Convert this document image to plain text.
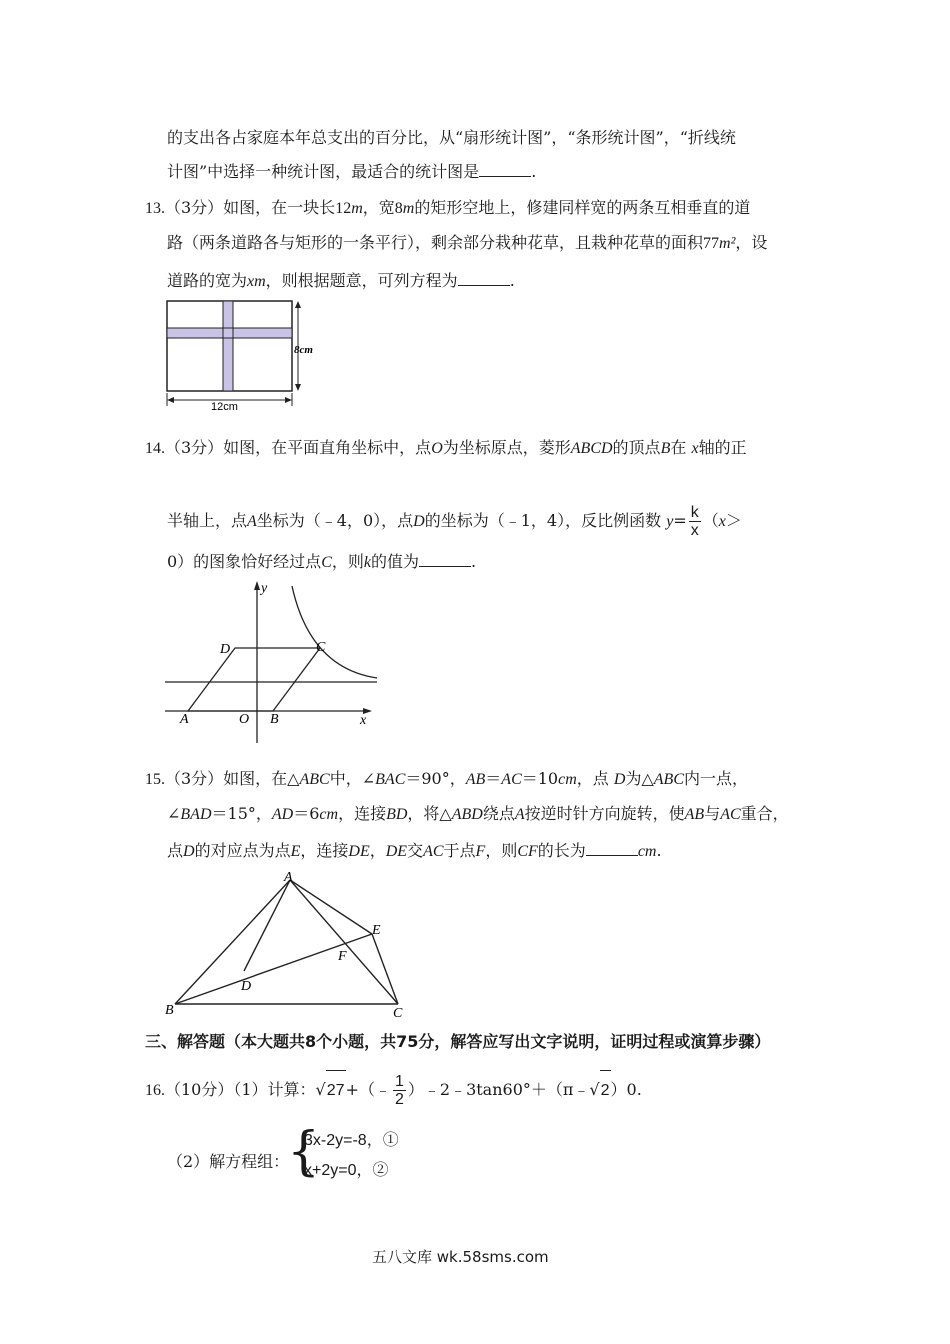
的支出各占家庭本年总支出的百分比，从“扇形统计图”，“条形统计图”，“折线统
计图”中选择一种统计图，最适合的统计图是	.
13.（3分）如图，在一块长12m，宽8m的矩形空地上，修建同样宽的两条互相垂直的道
路（两条道路各与矩形的一条平行），剩余部分栽种花草，且栽种花草的面积77m²，设
道路的宽为xm，则根据题意，可列方程为	.
8cm
12cm
14.（3分）如图，在平面直角坐标中，点O为坐标原点，菱形ABCD的顶点B在 x轴的正
半轴上，点A坐标为（﹣4，0），点D的坐标为（﹣1，4），反比例函数 $y= \frac{k}{x} (x>$
0）的图象恰好经过点C，则k的值为	.
y
D	C
A	O B	x
15.（3分）如图，在△ABC中，∠BAC＝90°，AB＝AC＝10cm，点 D为△ABC内一点，
∠BAD＝15°，AD＝6cm，连接BD，将△ABD绕点A按逆时针方向旋转，使AB与AC重合，
点D的对应点为点E，连接DE，DE交AC于点F，则CF的长为	cm.
A
E
F
D
B	C
三、解答题（本大题共8个小题，共75分，解答应写出文字说明，证明过程或演算步骤）
16.（10分）（1）计算：√27+（﹣ $\frac{1}{2}$ ）﹣2﹣3tan60°＋（π﹣√2）0.
（2）解方程组：
{
3x-2y=-8，①
x+2y=0，②
五八文库 wk.58sms.com
